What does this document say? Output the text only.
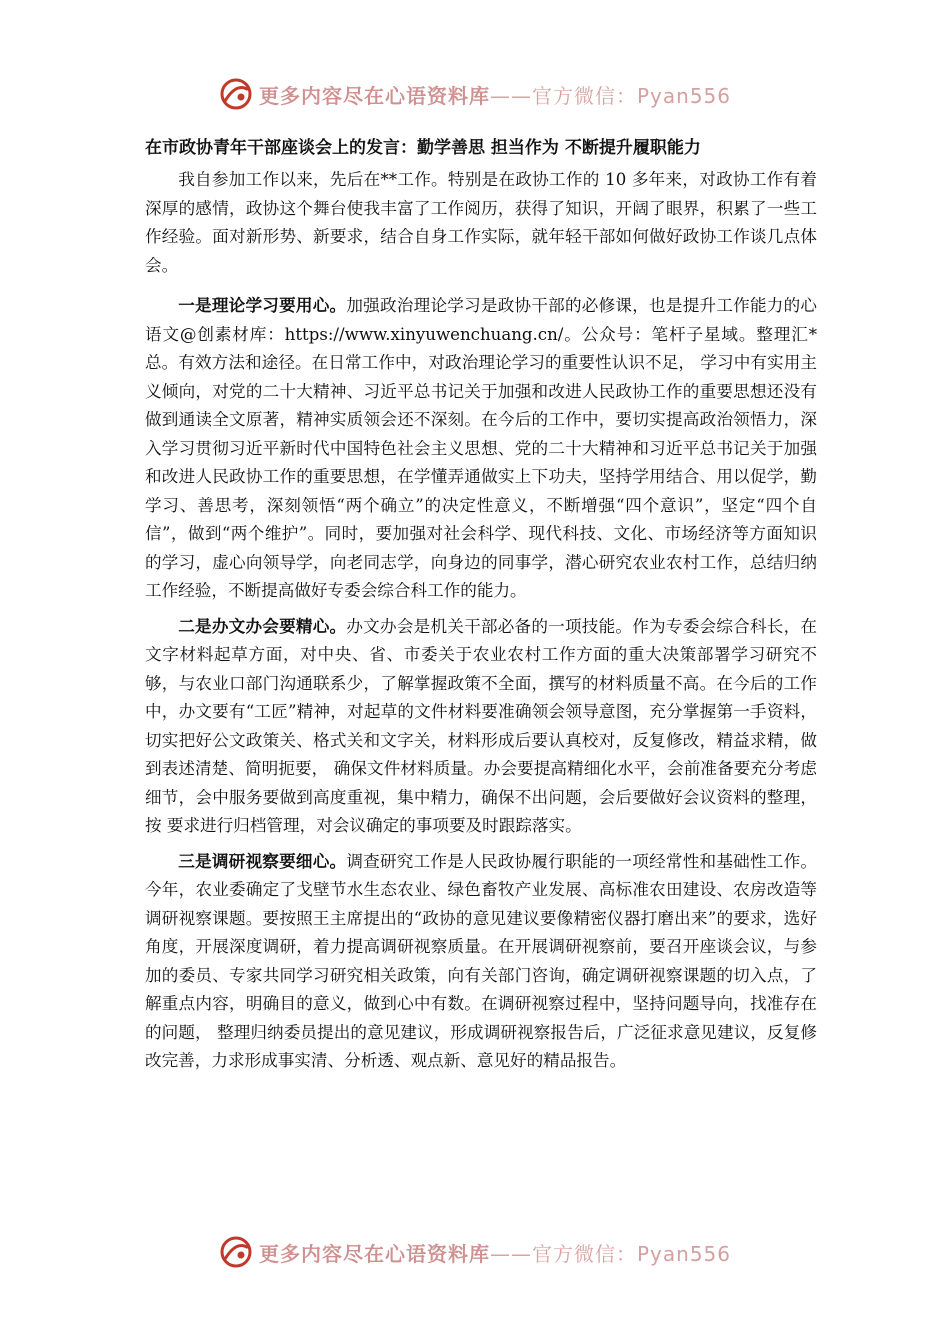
更多内容尽在心语资料库——官方微信：Pyan556
在市政协青年干部座谈会上的发言：勤学善思 担当作为 不断提升履职能力

我自参加工作以来，先后在**工作。特别是在政协工作的 10 多年来，对政协工作有着深厚的感情，政协这个舞台使我丰富了工作阅历，获得了知识，开阔了眼界，积累了一些工作经验。面对新形势、新要求，结合自身工作实际，就年轻干部如何做好政协工作谈几点体会。

一是理论学习要用心。加强政治理论学习是政协干部的必修课，也是提升工作能力的心语文@创素材库：https://www.xinyuwenchuang.cn/。公众号：笔杆子星域。整理汇*总。有效方法和途径。在日常工作中，对政治理论学习的重要性认识不足， 学习中有实用主义倾向，对党的二十大精神、习近平总书记关于加强和改进人民政协工作的重要思想还没有做到通读全文原著，精神实质领会还不深刻。在今后的工作中，要切实提高政治领悟力，深入学习贯彻习近平新时代中国特色社会主义思想、党的二十大精神和习近平总书记关于加强和改进人民政协工作的重要思想，在学懂弄通做实上下功夫，坚持学用结合、用以促学，勤学习、善思考，深刻领悟“两个确立”的决定性意义，不断增强“四个意识”，坚定“四个自信”，做到“两个维护”。同时，要加强对社会科学、现代科技、文化、市场经济等方面知识的学习，虚心向领导学，向老同志学，向身边的同事学，潜心研究农业农村工作，总结归纳工作经验，不断提高做好专委会综合科工作的能力。

二是办文办会要精心。办文办会是机关干部必备的一项技能。作为专委会综合科长，在文字材料起草方面，对中央、省、市委关于农业农村工作方面的重大决策部署学习研究不够，与农业口部门沟通联系少，了解掌握政策不全面，撰写的材料质量不高。在今后的工作中，办文要有“工匠”精神，对起草的文件材料要准确领会领导意图，充分掌握第一手资料，切实把好公文政策关、格式关和文字关，材料形成后要认真校对，反复修改，精益求精，做到表述清楚、简明扼要， 确保文件材料质量。办会要提高精细化水平，会前准备要充分考虑细节，会中服务要做到高度重视，集中精力，确保不出问题，会后要做好会议资料的整理，按 要求进行归档管理，对会议确定的事项要及时跟踪落实。

三是调研视察要细心。调查研究工作是人民政协履行职能的一项经常性和基础性工作。今年，农业委确定了戈壁节水生态农业、绿色畜牧产业发展、高标准农田建设、农房改造等调研视察课题。要按照王主席提出的“政协的意见建议要像精密仪器打磨出来”的要求，选好角度，开展深度调研，着力提高调研视察质量。在开展调研视察前，要召开座谈会议，与参加的委员、专家共同学习研究相关政策，向有关部门咨询，确定调研视察课题的切入点，了解重点内容，明确目的意义，做到心中有数。在调研视察过程中，坚持问题导向，找准存在的问题， 整理归纳委员提出的意见建议，形成调研视察报告后，广泛征求意见建议，反复修改完善，力求形成事实清、分析透、观点新、意见好的精品报告。

更多内容尽在心语资料库——官方微信：Pyan556
